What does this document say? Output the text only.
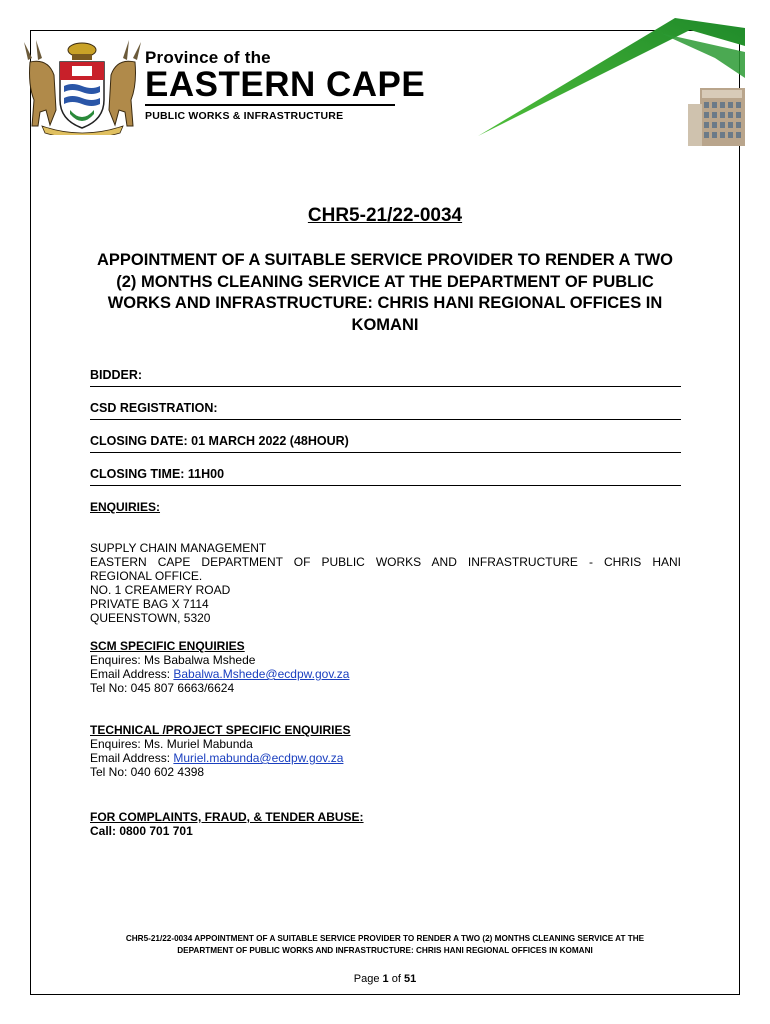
Province of the
EASTERN CAPE
PUBLIC WORKS & INFRASTRUCTURE
CHR5-21/22-0034
APPOINTMENT OF A SUITABLE SERVICE PROVIDER TO RENDER A TWO (2) MONTHS CLEANING SERVICE AT THE DEPARTMENT OF PUBLIC WORKS AND INFRASTRUCTURE: CHRIS HANI REGIONAL OFFICES IN KOMANI
BIDDER:
CSD REGISTRATION:
CLOSING DATE: 01 MARCH 2022 (48HOUR)
CLOSING TIME: 11H00
ENQUIRIES:
SUPPLY CHAIN MANAGEMENT
EASTERN CAPE DEPARTMENT OF PUBLIC WORKS AND INFRASTRUCTURE - CHRIS HANI
REGIONAL OFFICE.
NO. 1 CREAMERY ROAD
PRIVATE BAG X 7114
QUEENSTOWN, 5320
SCM SPECIFIC ENQUIRIES
Enquires: Ms Babalwa Mshede
Email Address: Babalwa.Mshede@ecdpw.gov.za
Tel No: 045 807 6663/6624
TECHNICAL /PROJECT SPECIFIC ENQUIRIES
Enquires: Ms. Muriel Mabunda
Email Address: Muriel.mabunda@ecdpw.gov.za
Tel No: 040 602 4398
FOR COMPLAINTS, FRAUD, & TENDER ABUSE:
Call: 0800 701 701
CHR5-21/22-0034 APPOINTMENT OF A SUITABLE SERVICE PROVIDER TO RENDER A TWO (2) MONTHS CLEANING SERVICE AT THE
DEPARTMENT OF PUBLIC WORKS AND INFRASTRUCTURE: CHRIS HANI REGIONAL OFFICES IN KOMANI
Page 1 of 51
